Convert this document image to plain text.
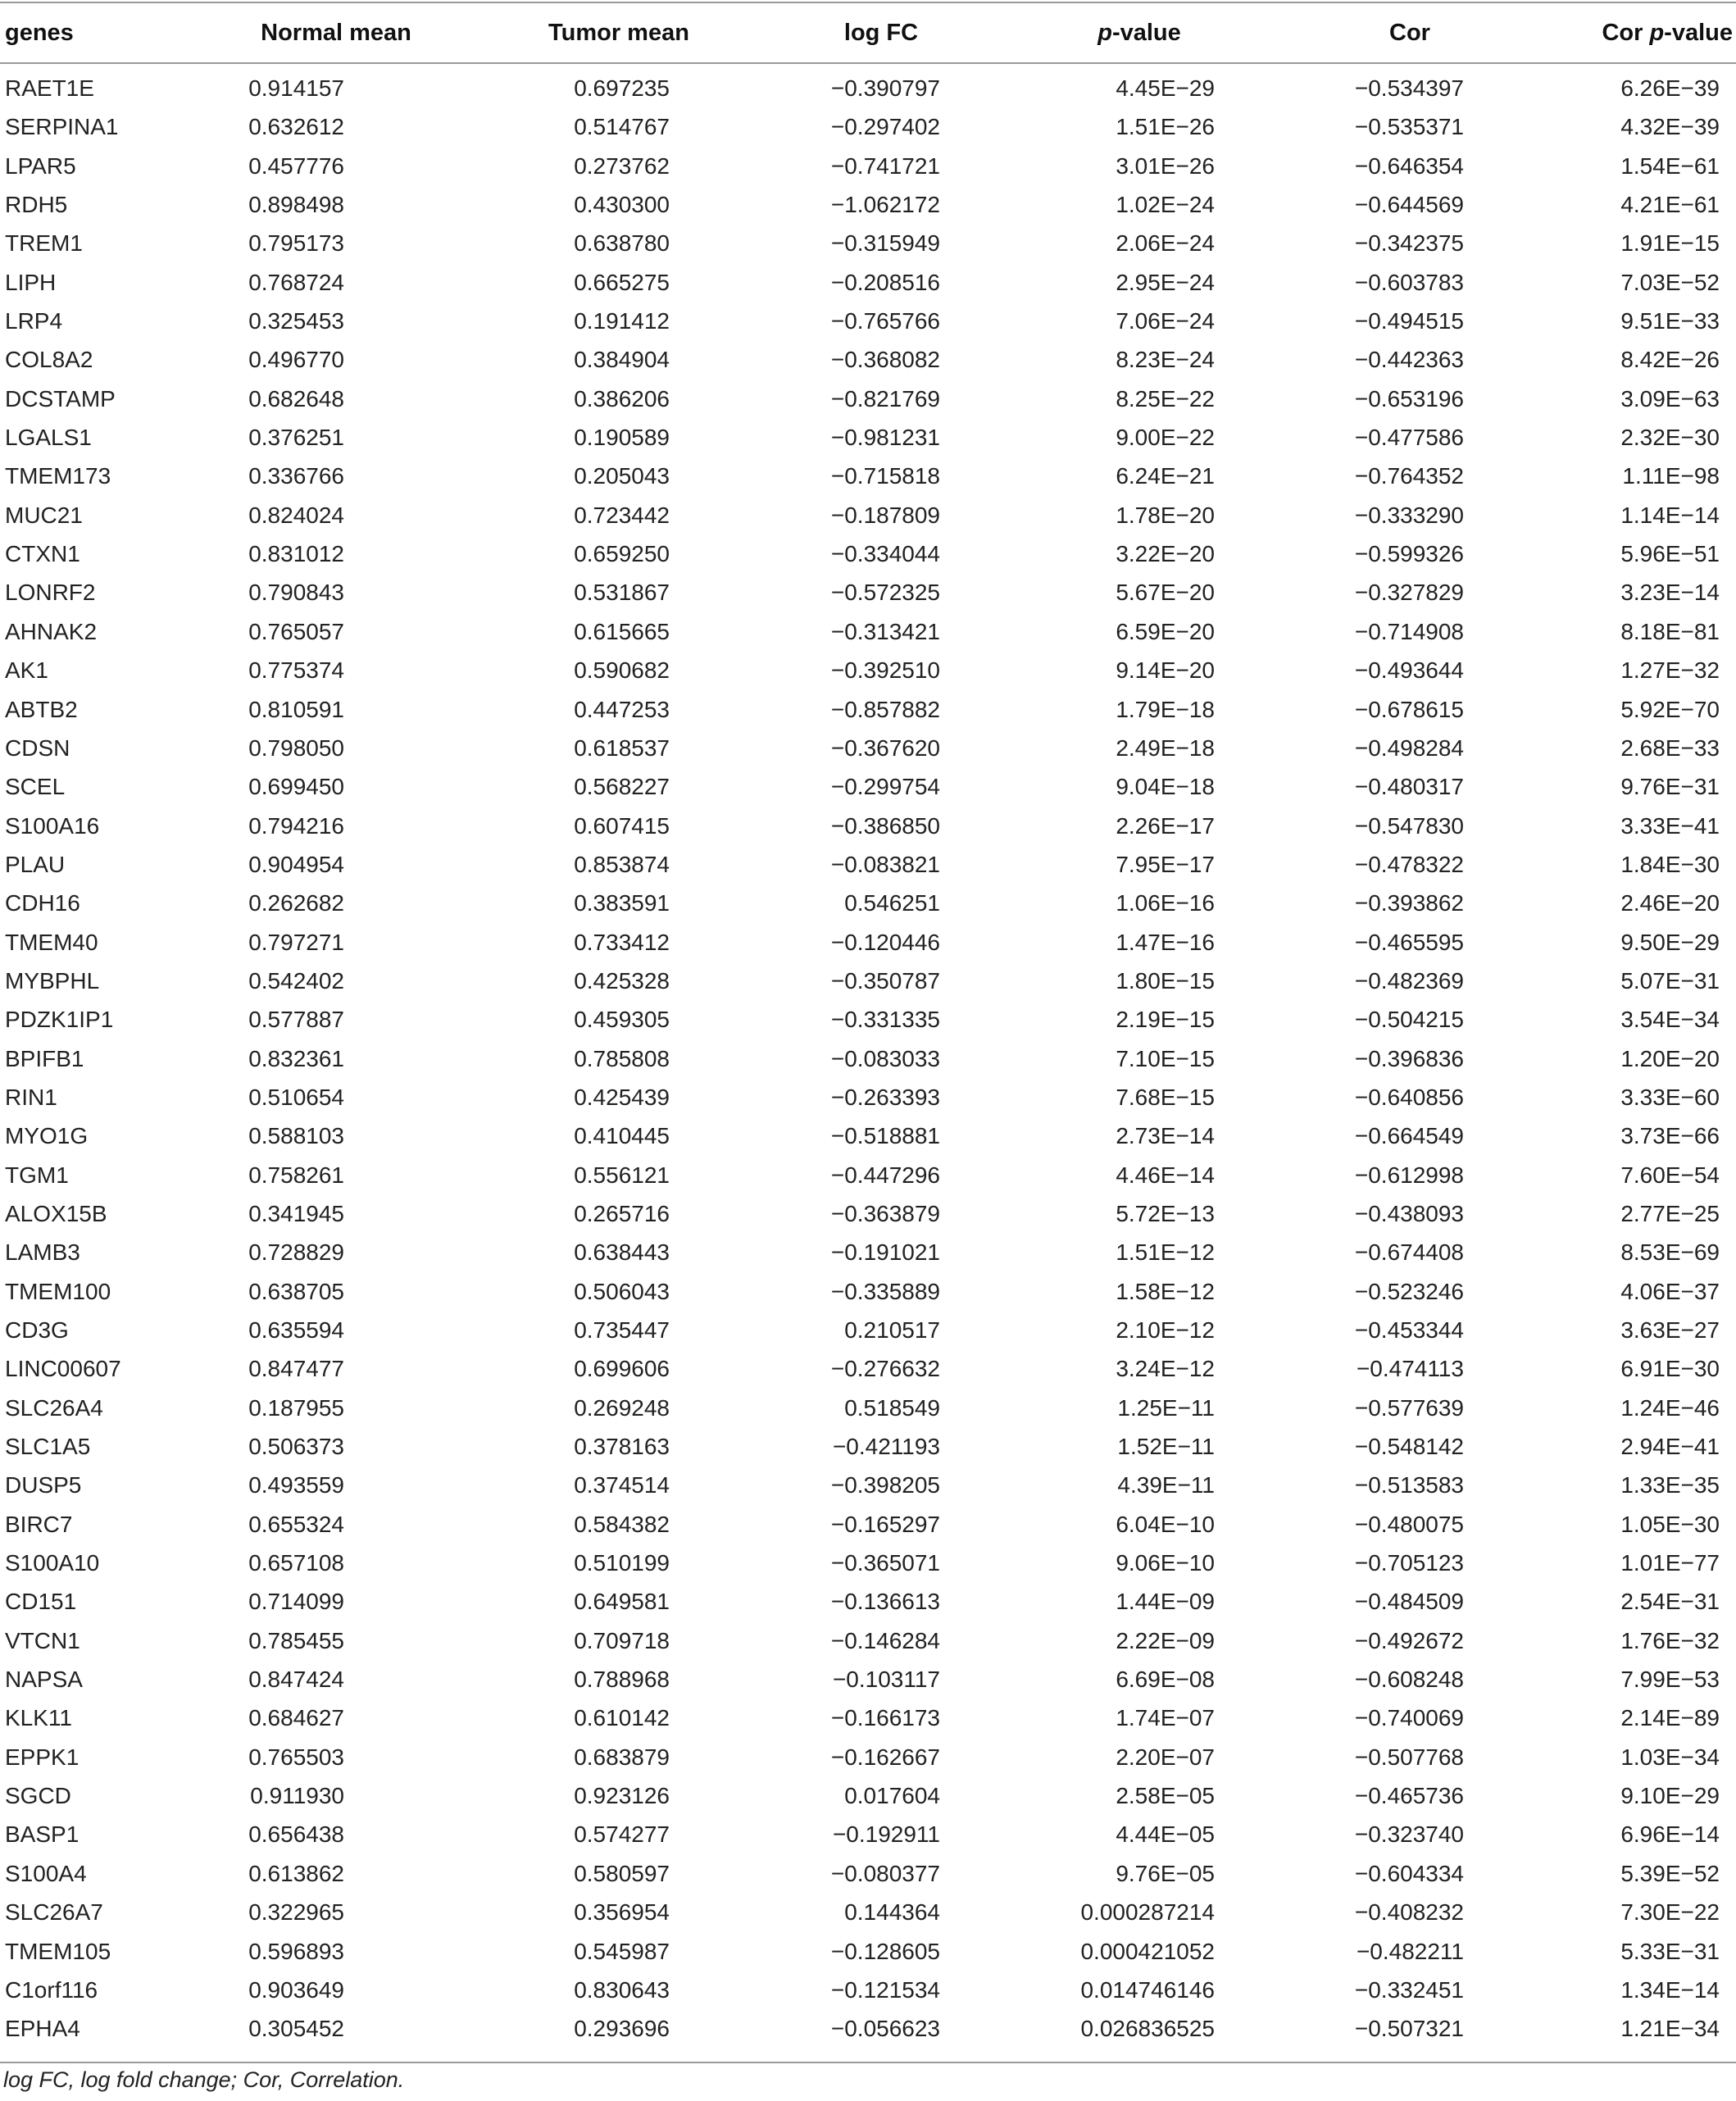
genes	Normal mean	Tumor mean	log FC	p-value	Cor	Cor p-value
RAET1E	0.914157	0.697235	−0.390797	4.45E−29	−0.534397	6.26E−39
SERPINA1	0.632612	0.514767	−0.297402	1.51E−26	−0.535371	4.32E−39
LPAR5	0.457776	0.273762	−0.741721	3.01E−26	−0.646354	1.54E−61
RDH5	0.898498	0.430300	−1.062172	1.02E−24	−0.644569	4.21E−61
TREM1	0.795173	0.638780	−0.315949	2.06E−24	−0.342375	1.91E−15
LIPH	0.768724	0.665275	−0.208516	2.95E−24	−0.603783	7.03E−52
LRP4	0.325453	0.191412	−0.765766	7.06E−24	−0.494515	9.51E−33
COL8A2	0.496770	0.384904	−0.368082	8.23E−24	−0.442363	8.42E−26
DCSTAMP	0.682648	0.386206	−0.821769	8.25E−22	−0.653196	3.09E−63
LGALS1	0.376251	0.190589	−0.981231	9.00E−22	−0.477586	2.32E−30
TMEM173	0.336766	0.205043	−0.715818	6.24E−21	−0.764352	1.11E−98
MUC21	0.824024	0.723442	−0.187809	1.78E−20	−0.333290	1.14E−14
CTXN1	0.831012	0.659250	−0.334044	3.22E−20	−0.599326	5.96E−51
LONRF2	0.790843	0.531867	−0.572325	5.67E−20	−0.327829	3.23E−14
AHNAK2	0.765057	0.615665	−0.313421	6.59E−20	−0.714908	8.18E−81
AK1	0.775374	0.590682	−0.392510	9.14E−20	−0.493644	1.27E−32
ABTB2	0.810591	0.447253	−0.857882	1.79E−18	−0.678615	5.92E−70
CDSN	0.798050	0.618537	−0.367620	2.49E−18	−0.498284	2.68E−33
SCEL	0.699450	0.568227	−0.299754	9.04E−18	−0.480317	9.76E−31
S100A16	0.794216	0.607415	−0.386850	2.26E−17	−0.547830	3.33E−41
PLAU	0.904954	0.853874	−0.083821	7.95E−17	−0.478322	1.84E−30
CDH16	0.262682	0.383591	0.546251	1.06E−16	−0.393862	2.46E−20
TMEM40	0.797271	0.733412	−0.120446	1.47E−16	−0.465595	9.50E−29
MYBPHL	0.542402	0.425328	−0.350787	1.80E−15	−0.482369	5.07E−31
PDZK1IP1	0.577887	0.459305	−0.331335	2.19E−15	−0.504215	3.54E−34
BPIFB1	0.832361	0.785808	−0.083033	7.10E−15	−0.396836	1.20E−20
RIN1	0.510654	0.425439	−0.263393	7.68E−15	−0.640856	3.33E−60
MYO1G	0.588103	0.410445	−0.518881	2.73E−14	−0.664549	3.73E−66
TGM1	0.758261	0.556121	−0.447296	4.46E−14	−0.612998	7.60E−54
ALOX15B	0.341945	0.265716	−0.363879	5.72E−13	−0.438093	2.77E−25
LAMB3	0.728829	0.638443	−0.191021	1.51E−12	−0.674408	8.53E−69
TMEM100	0.638705	0.506043	−0.335889	1.58E−12	−0.523246	4.06E−37
CD3G	0.635594	0.735447	0.210517	2.10E−12	−0.453344	3.63E−27
LINC00607	0.847477	0.699606	−0.276632	3.24E−12	−0.474113	6.91E−30
SLC26A4	0.187955	0.269248	0.518549	1.25E−11	−0.577639	1.24E−46
SLC1A5	0.506373	0.378163	−0.421193	1.52E−11	−0.548142	2.94E−41
DUSP5	0.493559	0.374514	−0.398205	4.39E−11	−0.513583	1.33E−35
BIRC7	0.655324	0.584382	−0.165297	6.04E−10	−0.480075	1.05E−30
S100A10	0.657108	0.510199	−0.365071	9.06E−10	−0.705123	1.01E−77
CD151	0.714099	0.649581	−0.136613	1.44E−09	−0.484509	2.54E−31
VTCN1	0.785455	0.709718	−0.146284	2.22E−09	−0.492672	1.76E−32
NAPSA	0.847424	0.788968	−0.103117	6.69E−08	−0.608248	7.99E−53
KLK11	0.684627	0.610142	−0.166173	1.74E−07	−0.740069	2.14E−89
EPPK1	0.765503	0.683879	−0.162667	2.20E−07	−0.507768	1.03E−34
SGCD	0.911930	0.923126	0.017604	2.58E−05	−0.465736	9.10E−29
BASP1	0.656438	0.574277	−0.192911	4.44E−05	−0.323740	6.96E−14
S100A4	0.613862	0.580597	−0.080377	9.76E−05	−0.604334	5.39E−52
SLC26A7	0.322965	0.356954	0.144364	0.000287214	−0.408232	7.30E−22
TMEM105	0.596893	0.545987	−0.128605	0.000421052	−0.482211	5.33E−31
C1orf116	0.903649	0.830643	−0.121534	0.014746146	−0.332451	1.34E−14
EPHA4	0.305452	0.293696	−0.056623	0.026836525	−0.507321	1.21E−34
log FC, log fold change; Cor, Correlation.
